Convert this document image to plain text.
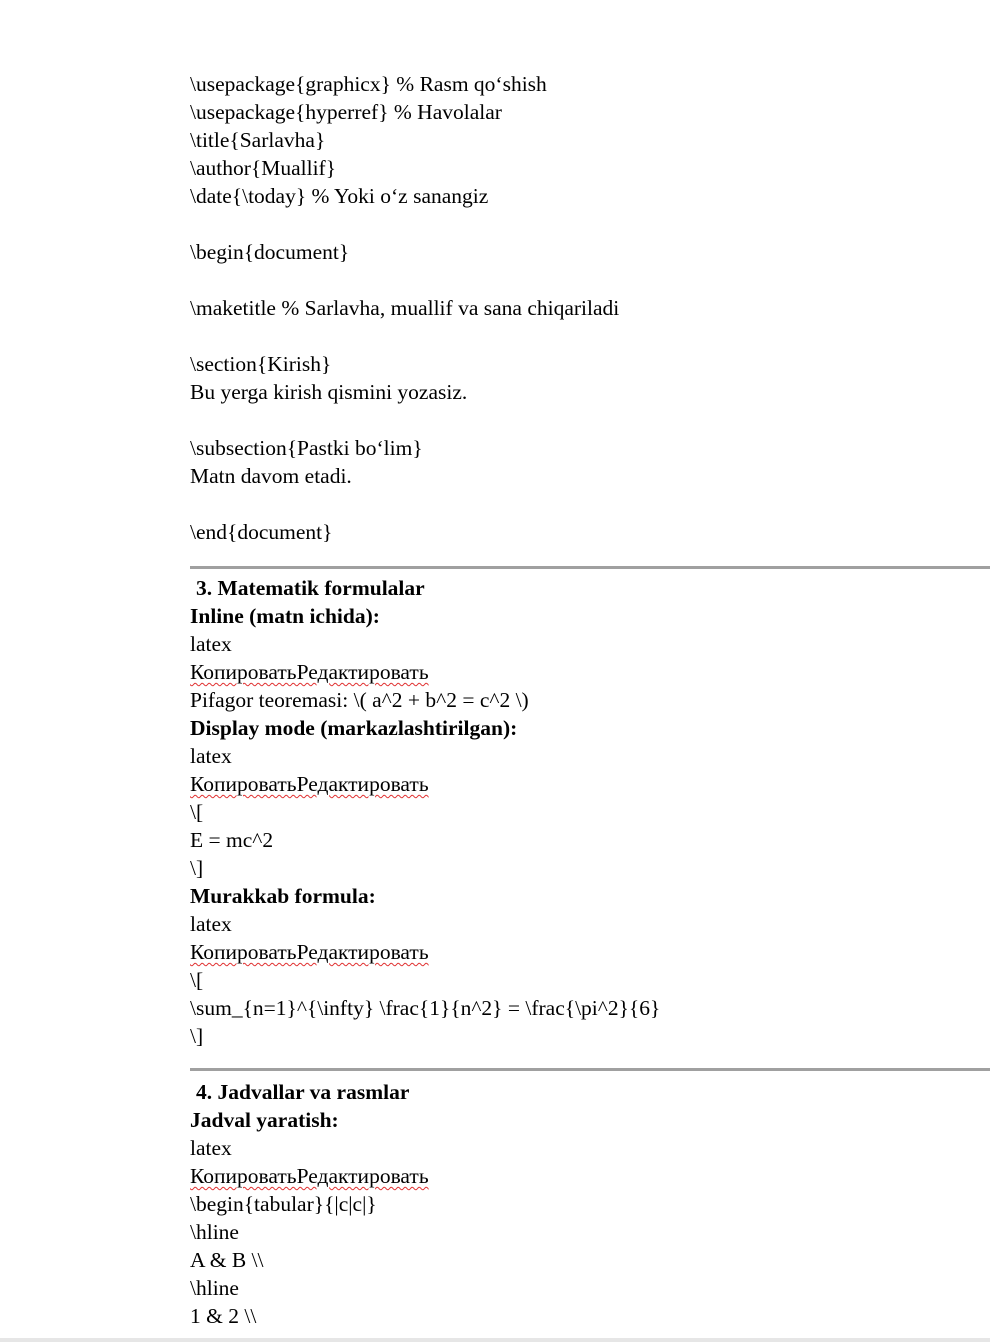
\usepackage{graphicx} % Rasm qo‘shish
\usepackage{hyperref} % Havolalar
\title{Sarlavha}
\author{Muallif}
\date{\today} % Yoki o‘z sanangiz
\begin{document}
\maketitle % Sarlavha, muallif va sana chiqariladi
\section{Kirish}
Bu yerga kirish qismini yozasiz.
\subsection{Pastki bo‘lim}
Matn davom etadi.
\end{document}
3. Matematik formulalar
Inline (matn ichida):
latex
КопироватьРедактировать
Pifagor teoremasi: \( a^2 + b^2 = c^2 \)
Display mode (markazlashtirilgan):
latex
КопироватьРедактировать
\[
E = mc^2
\]
Murakkab formula:
latex
КопироватьРедактировать
\[
\sum_{n=1}^{\infty} \frac{1}{n^2} = \frac{\pi^2}{6}
\]
4. Jadvallar va rasmlar
Jadval yaratish:
latex
КопироватьРедактировать
\begin{tabular}{|c|c|}
\hline
A & B \\
\hline
1 & 2 \\
